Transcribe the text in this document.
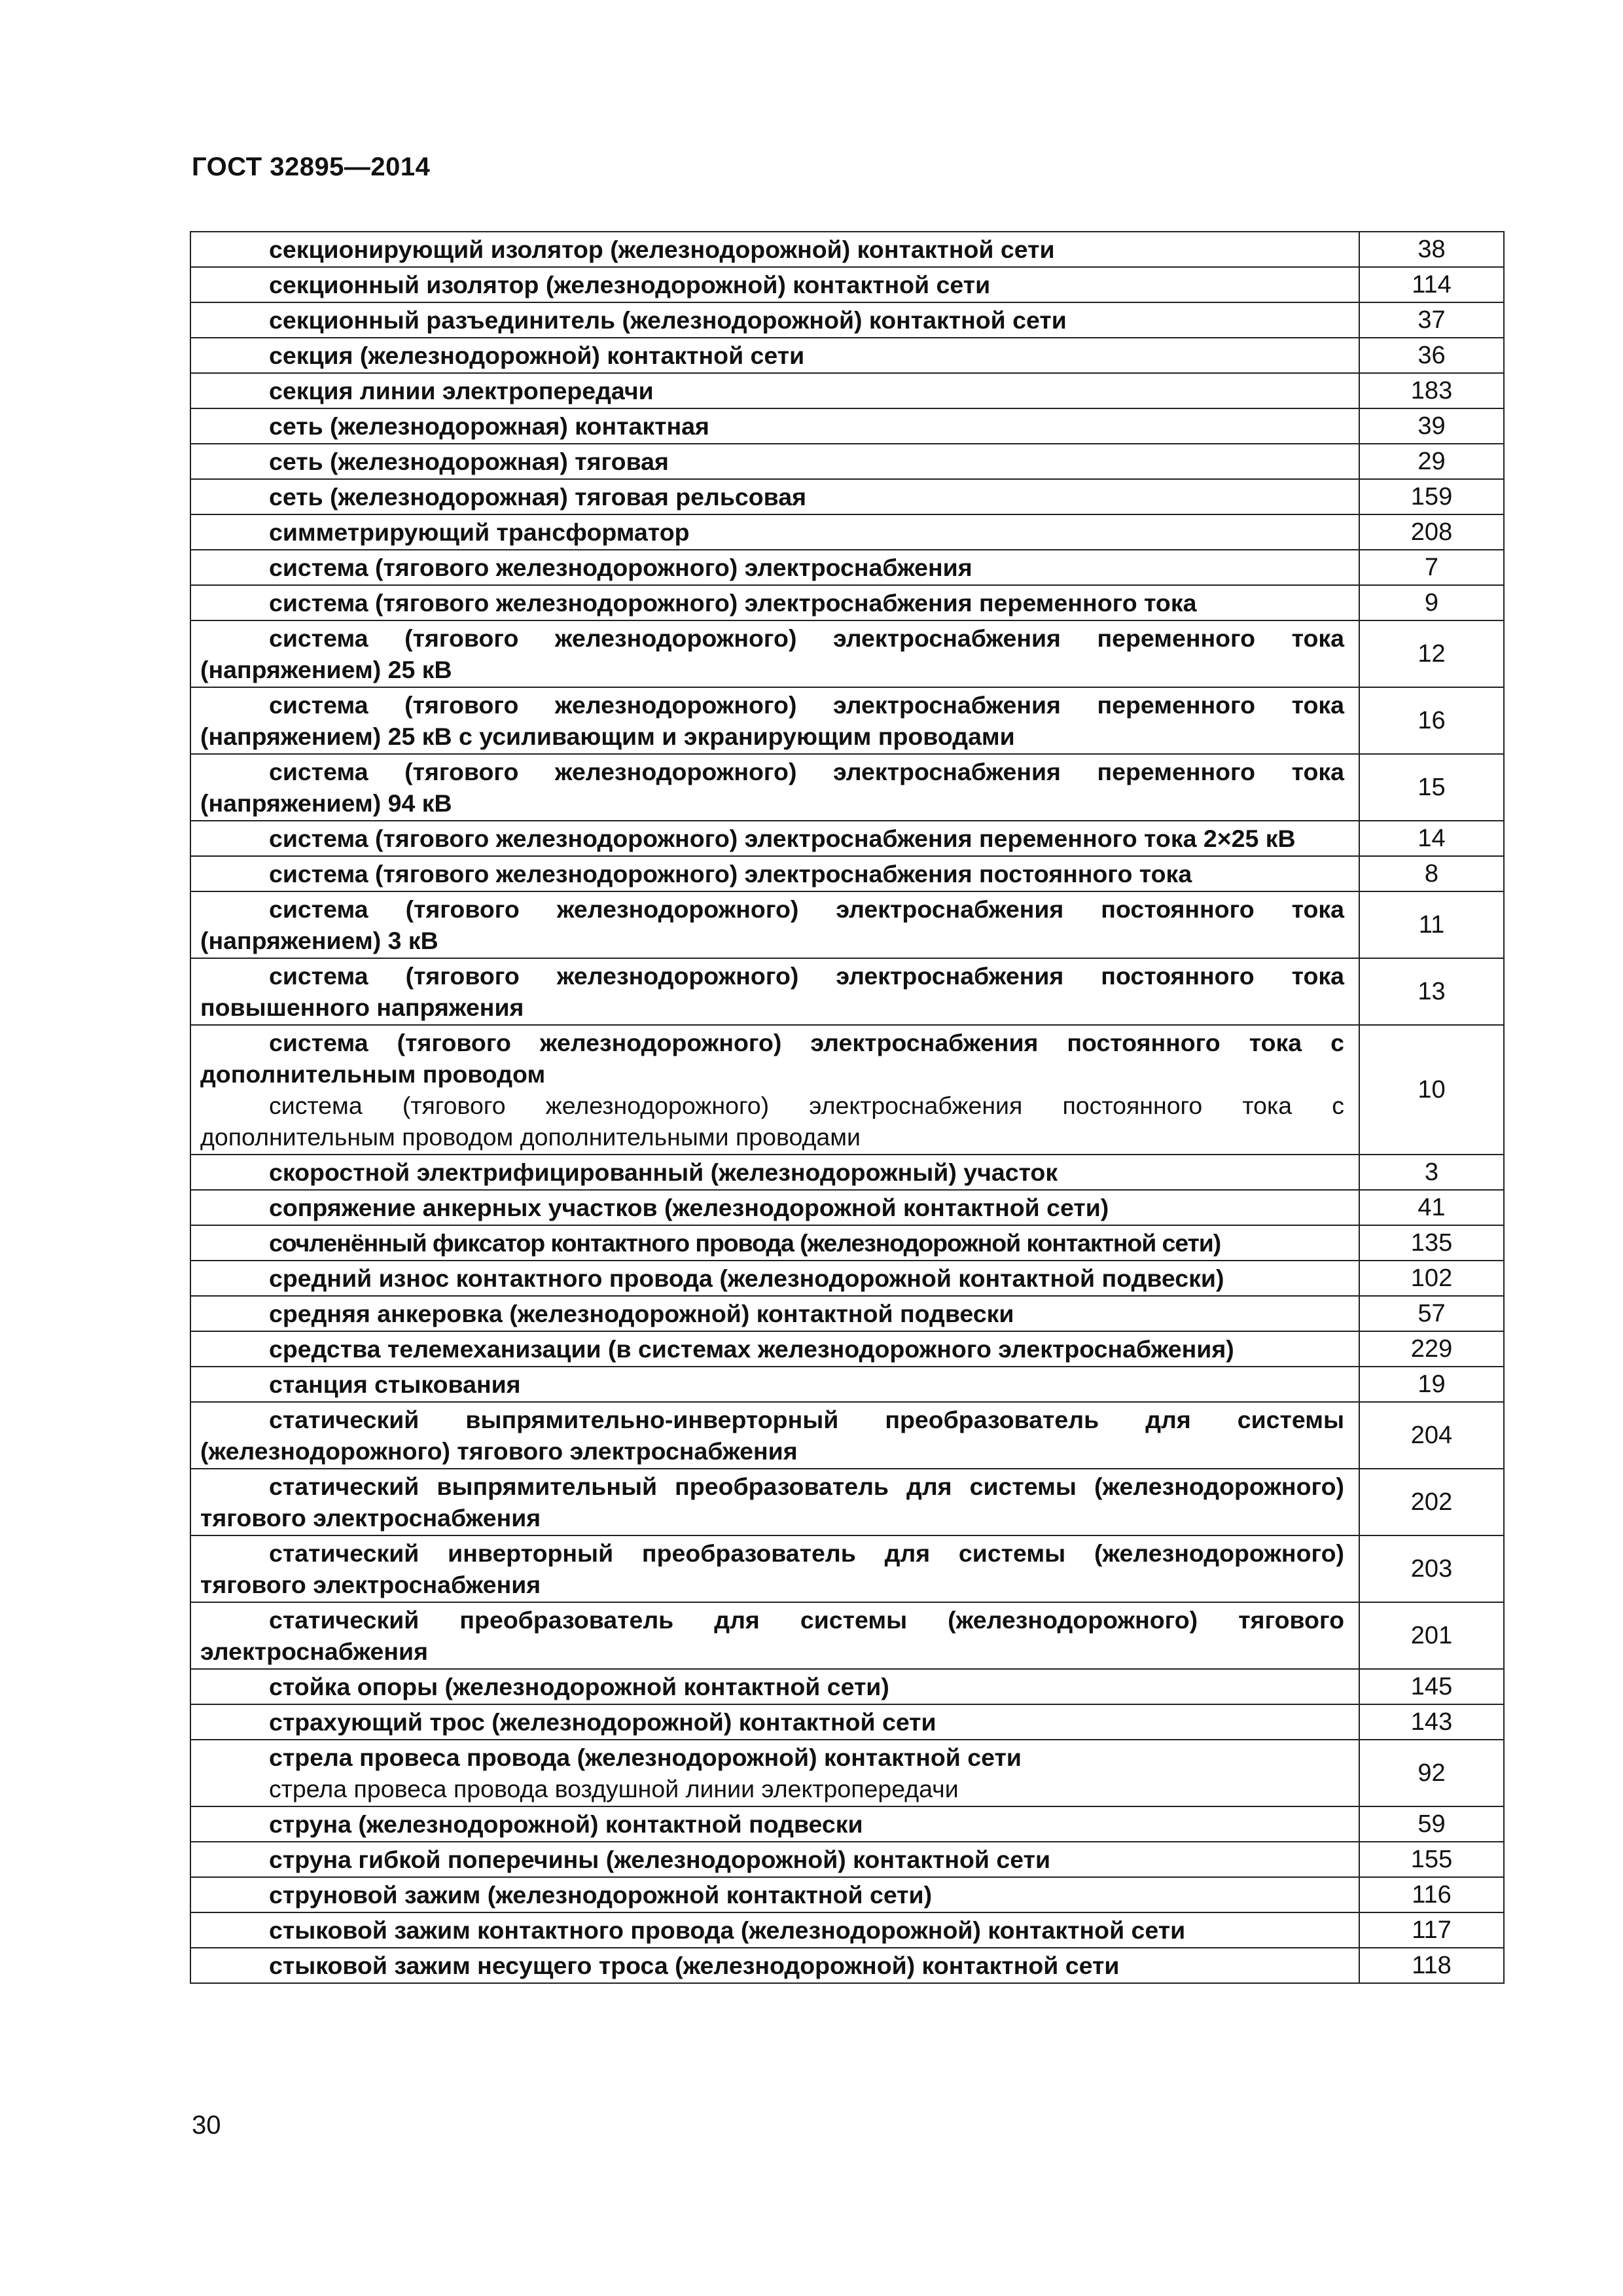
ГОСТ 32895—2014
секционирующий изолятор (железнодорожной) контактной сети	38

секционный изолятор (железнодорожной) контактной сети	114

секционный разъединитель (железнодорожной) контактной сети	37

секция (железнодорожной) контактной сети	36

секция линии электропередачи	183

сеть (железнодорожная) контактная	39

сеть (железнодорожная) тяговая	29

сеть (железнодорожная) тяговая рельсовая	159

симметрирующий трансформатор	208

система (тягового железнодорожного) электроснабжения	7

система (тягового железнодорожного) электроснабжения переменного тока	9

система (тягового железнодорожного) электроснабжения переменного тока (напряжением) 25 кВ	12

система (тягового железнодорожного) электроснабжения переменного тока (напряжением) 25 кВ с усиливающим и экранирующим проводами	16

система (тягового железнодорожного) электроснабжения переменного тока (напряжением) 94 кВ	15

система (тягового железнодорожного) электроснабжения переменного тока 2×25 кВ	14

система (тягового железнодорожного) электроснабжения постоянного тока	8

система (тягового железнодорожного) электроснабжения постоянного тока (напряжением) 3 кВ	11

система (тягового железнодорожного) электроснабжения постоянного тока повышенного напряжения	13

система (тягового железнодорожного) электроснабжения постоянного тока с дополнительным проводом
система (тягового железнодорожного) электроснабжения постоянного тока с дополнительным проводом дополнительными проводами	10

скоростной электрифицированный (железнодорожный) участок	3

сопряжение анкерных участков (железнодорожной контактной сети)	41

сочленённый фиксатор контактного провода (железнодорожной контактной сети)	135

средний износ контактного провода (железнодорожной контактной подвески)	102

средняя анкеровка (железнодорожной) контактной подвески	57

средства телемеханизации (в системах железнодорожного электроснабжения)	229

станция стыкования	19

статический выпрямительно-инверторный преобразователь для системы (железнодорожного) тягового электроснабжения	204

статический выпрямительный преобразователь для системы (железнодорожного) тягового электроснабжения	202

статический инверторный преобразователь для системы (железнодорожного) тягового электроснабжения	203

статический преобразователь для системы (железнодорожного) тягового электроснабжения	201

стойка опоры (железнодорожной контактной сети)	145

страхующий трос (железнодорожной) контактной сети	143

стрела провеса провода (железнодорожной) контактной сети
стрела провеса провода воздушной линии электропередачи	92

струна (железнодорожной) контактной подвески	59

струна гибкой поперечины (железнодорожной) контактной сети	155

струновой зажим (железнодорожной контактной сети)	116

стыковой зажим контактного провода (железнодорожной) контактной сети	117

стыковой зажим несущего троса (железнодорожной) контактной сети	118
30
